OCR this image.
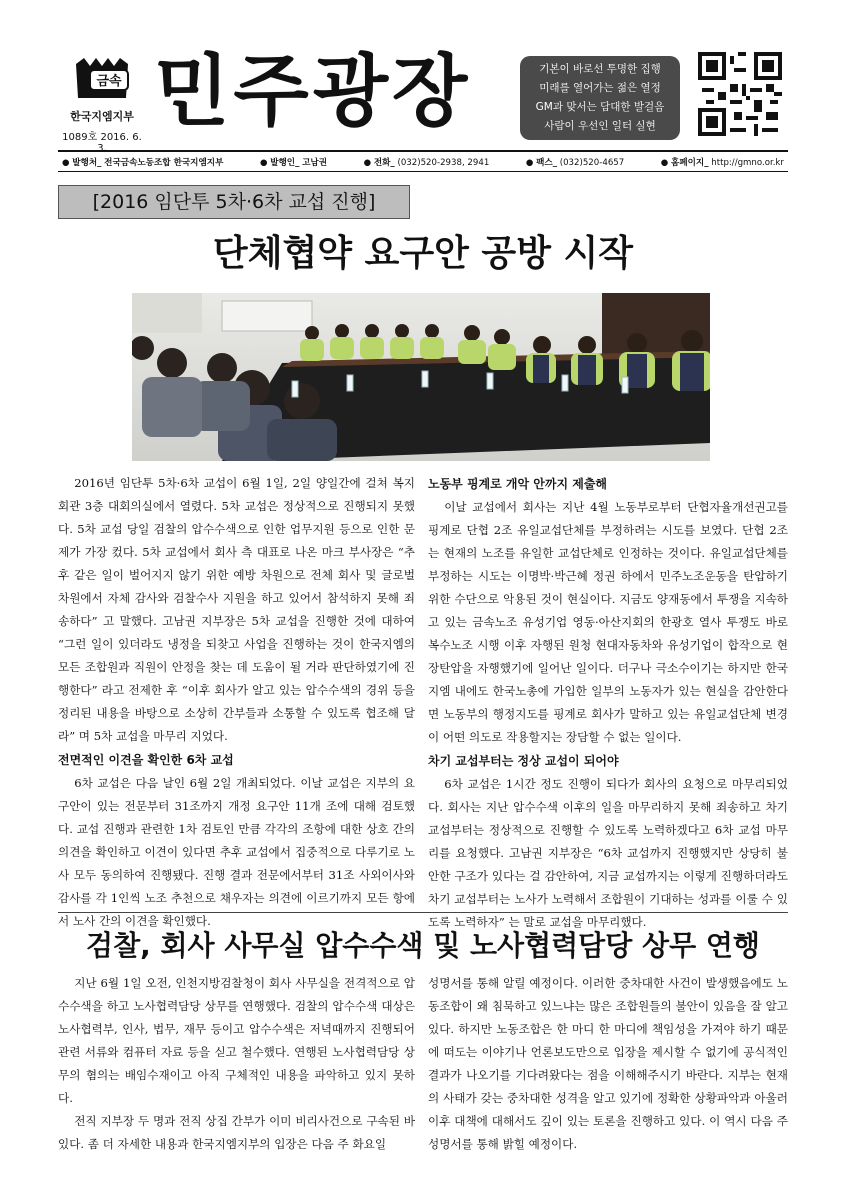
금속
한국지엠지부
1089호 2016. 6. 3.
민주광장	기본이 바로선 투명한 집행
미래를 열어가는 젊은 열정
GM과 맞서는 담대한 발걸음
사람이 우선인 일터 실현
● 발행처_ 전국금속노동조합 한국지엠지부	● 발행인_ 고남권	● 전화_ (032)520-2938, 2941	● 팩스_ (032)520-4657	● 홈페이지_ http://gmno.or.kr
[2016 임단투 5차·6차 교섭 진행]
단체협약 요구안 공방 시작

2016년 임단투 5차·6차 교섭이 6월 1일, 2일 양일간에 걸쳐 복지회관 3층 대회의실에서 열렸다. 5차 교섭은 정상적으로 진행되지 못했다. 5차 교섭 당일 검찰의 압수수색으로 인한 업무지원 등으로 인한 문제가 가장 컸다. 5차 교섭에서 회사 측 대표로 나온 마크 부사장은 “추후 같은 일이 벌어지지 않기 위한 예방 차원으로 전체 회사 및 글로벌 차원에서 자체 감사와 검찰수사 지원을 하고 있어서 참석하지 못해 죄송하다” 고 말했다. 고남권 지부장은 5차 교섭을 진행한 것에 대하여 “그런 일이 있더라도 냉정을 되찾고 사업을 진행하는 것이 한국지엠의 모든 조합원과 직원이 안정을 찾는 데 도움이 될 거라 판단하였기에 진행한다” 라고 전제한 후 “이후 회사가 알고 있는 압수수색의 경위 등을 정리된 내용을 바탕으로 소상히 간부들과 소통할 수 있도록 협조해 달라” 며 5차 교섭을 마무리 지었다.

전면적인 이견을 확인한 6차 교섭

6차 교섭은 다음 날인 6월 2일 개최되었다. 이날 교섭은 지부의 요구안이 있는 전문부터 31조까지 개정 요구안 11개 조에 대해 검토했다. 교섭 진행과 관련한 1차 검토인 만큼 각각의 조항에 대한 상호 간의 의견을 확인하고 이견이 있다면 추후 교섭에서 집중적으로 다루기로 노사 모두 동의하여 진행됐다. 진행 결과 전문에서부터 31조 사외이사와 감사를 각 1인씩 노조 추천으로 채우자는 의견에 이르기까지 모든 항에서 노사 간의 이견을 확인했다.

노동부 핑계로 개악 안까지 제출해

이날 교섭에서 회사는 지난 4월 노동부로부터 단협자율개선권고를 핑계로 단협 2조 유일교섭단체를 부정하려는 시도를 보였다. 단협 2조는 현재의 노조를 유일한 교섭단체로 인정하는 것이다. 유일교섭단체를 부정하는 시도는 이명박·박근혜 정권 하에서 민주노조운동을 탄압하기 위한 수단으로 악용된 것이 현실이다. 지금도 양재동에서 투쟁을 지속하고 있는 금속노조 유성기업 영동·아산지회의 한광호 열사 투쟁도 바로 복수노조 시행 이후 자행된 원청 현대자동차와 유성기업이 합작으로 현장탄압을 자행했기에 일어난 일이다. 더구나 극소수이기는 하지만 한국지엠 내에도 한국노총에 가입한 일부의 노동자가 있는 현실을 감안한다면 노동부의 행정지도를 핑계로 회사가 말하고 있는 유일교섭단체 변경이 어떤 의도로 작용할지는 장담할 수 없는 일이다.

차기 교섭부터는 정상 교섭이 되어야

6차 교섭은 1시간 정도 진행이 되다가 회사의 요청으로 마무리되었다. 회사는 지난 압수수색 이후의 일을 마무리하지 못해 죄송하고 차기 교섭부터는 정상적으로 진행할 수 있도록 노력하겠다고 6차 교섭 마무리를 요청했다. 고남권 지부장은 “6차 교섭까지 진행했지만 상당히 불안한 구조가 있다는 걸 감안하여, 지금 교섭까지는 이렇게 진행하더라도 차기 교섭부터는 노사가 노력해서 조합원이 기대하는 성과를 이룰 수 있도록 노력하자” 는 말로 교섭을 마무리했다.

검찰, 회사 사무실 압수수색 및 노사협력담당 상무 연행

지난 6월 1일 오전, 인천지방검찰청이 회사 사무실을 전격적으로 압수수색을 하고 노사협력담당 상무를 연행했다. 검찰의 압수수색 대상은 노사협력부, 인사, 법무, 재무 등이고 압수수색은 저녁때까지 진행되어 관련 서류와 컴퓨터 자료 등을 싣고 철수했다. 연행된 노사협력담당 상무의 혐의는 배임수재이고 아직 구체적인 내용을 파악하고 있지 못하다.

전직 지부장 두 명과 전직 상집 간부가 이미 비리사건으로 구속된 바 있다. 좀 더 자세한 내용과 한국지엠지부의 입장은 다음 주 화요일

성명서를 통해 알릴 예정이다. 이러한 중차대한 사건이 발생했음에도 노동조합이 왜 침묵하고 있느냐는 많은 조합원들의 불안이 있음을 잘 알고 있다. 하지만 노동조합은 한 마디 한 마디에 책임성을 가져야 하기 때문에 떠도는 이야기나 언론보도만으로 입장을 제시할 수 없기에 공식적인 결과가 나오기를 기다려왔다는 점을 이해해주시기 바란다. 지부는 현재의 사태가 갖는 중차대한 성격을 알고 있기에 정확한 상황파악과 아울러 이후 대책에 대해서도 깊이 있는 토론을 진행하고 있다. 이 역시 다음 주 성명서를 통해 밝힐 예정이다.
